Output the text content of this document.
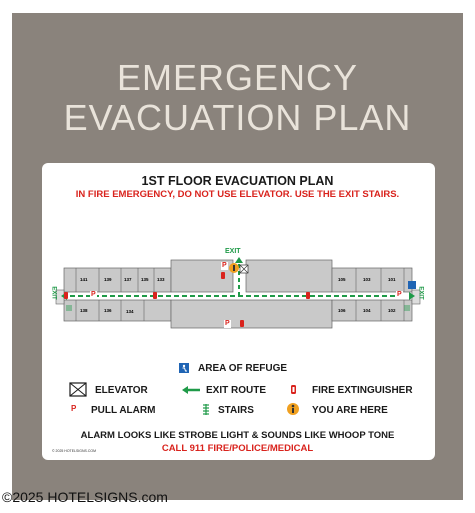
EMERGENCY
EVACUATION PLAN
1ST FLOOR EVACUATION PLAN
IN FIRE EMERGENCY, DO NOT USE ELEVATOR. USE THE EXIT STAIRS.
141	139	137 135 133	105	103	101
138	136	134	106	104	102
EXIT
EXIT	EXIT
P
P
P
P
P
AREA OF REFUGE
ELEVATOR	EXIT ROUTE	FIRE EXTINGUISHER
PULL ALARM	STAIRS	YOU ARE HERE
ALARM LOOKS LIKE STROBE LIGHT & SOUNDS LIKE WHOOP TONE
CALL 911 FIRE/POLICE/MEDICAL
© 2025 HOTELSIGNS.COM
©2025 HOTELSIGNS.com
